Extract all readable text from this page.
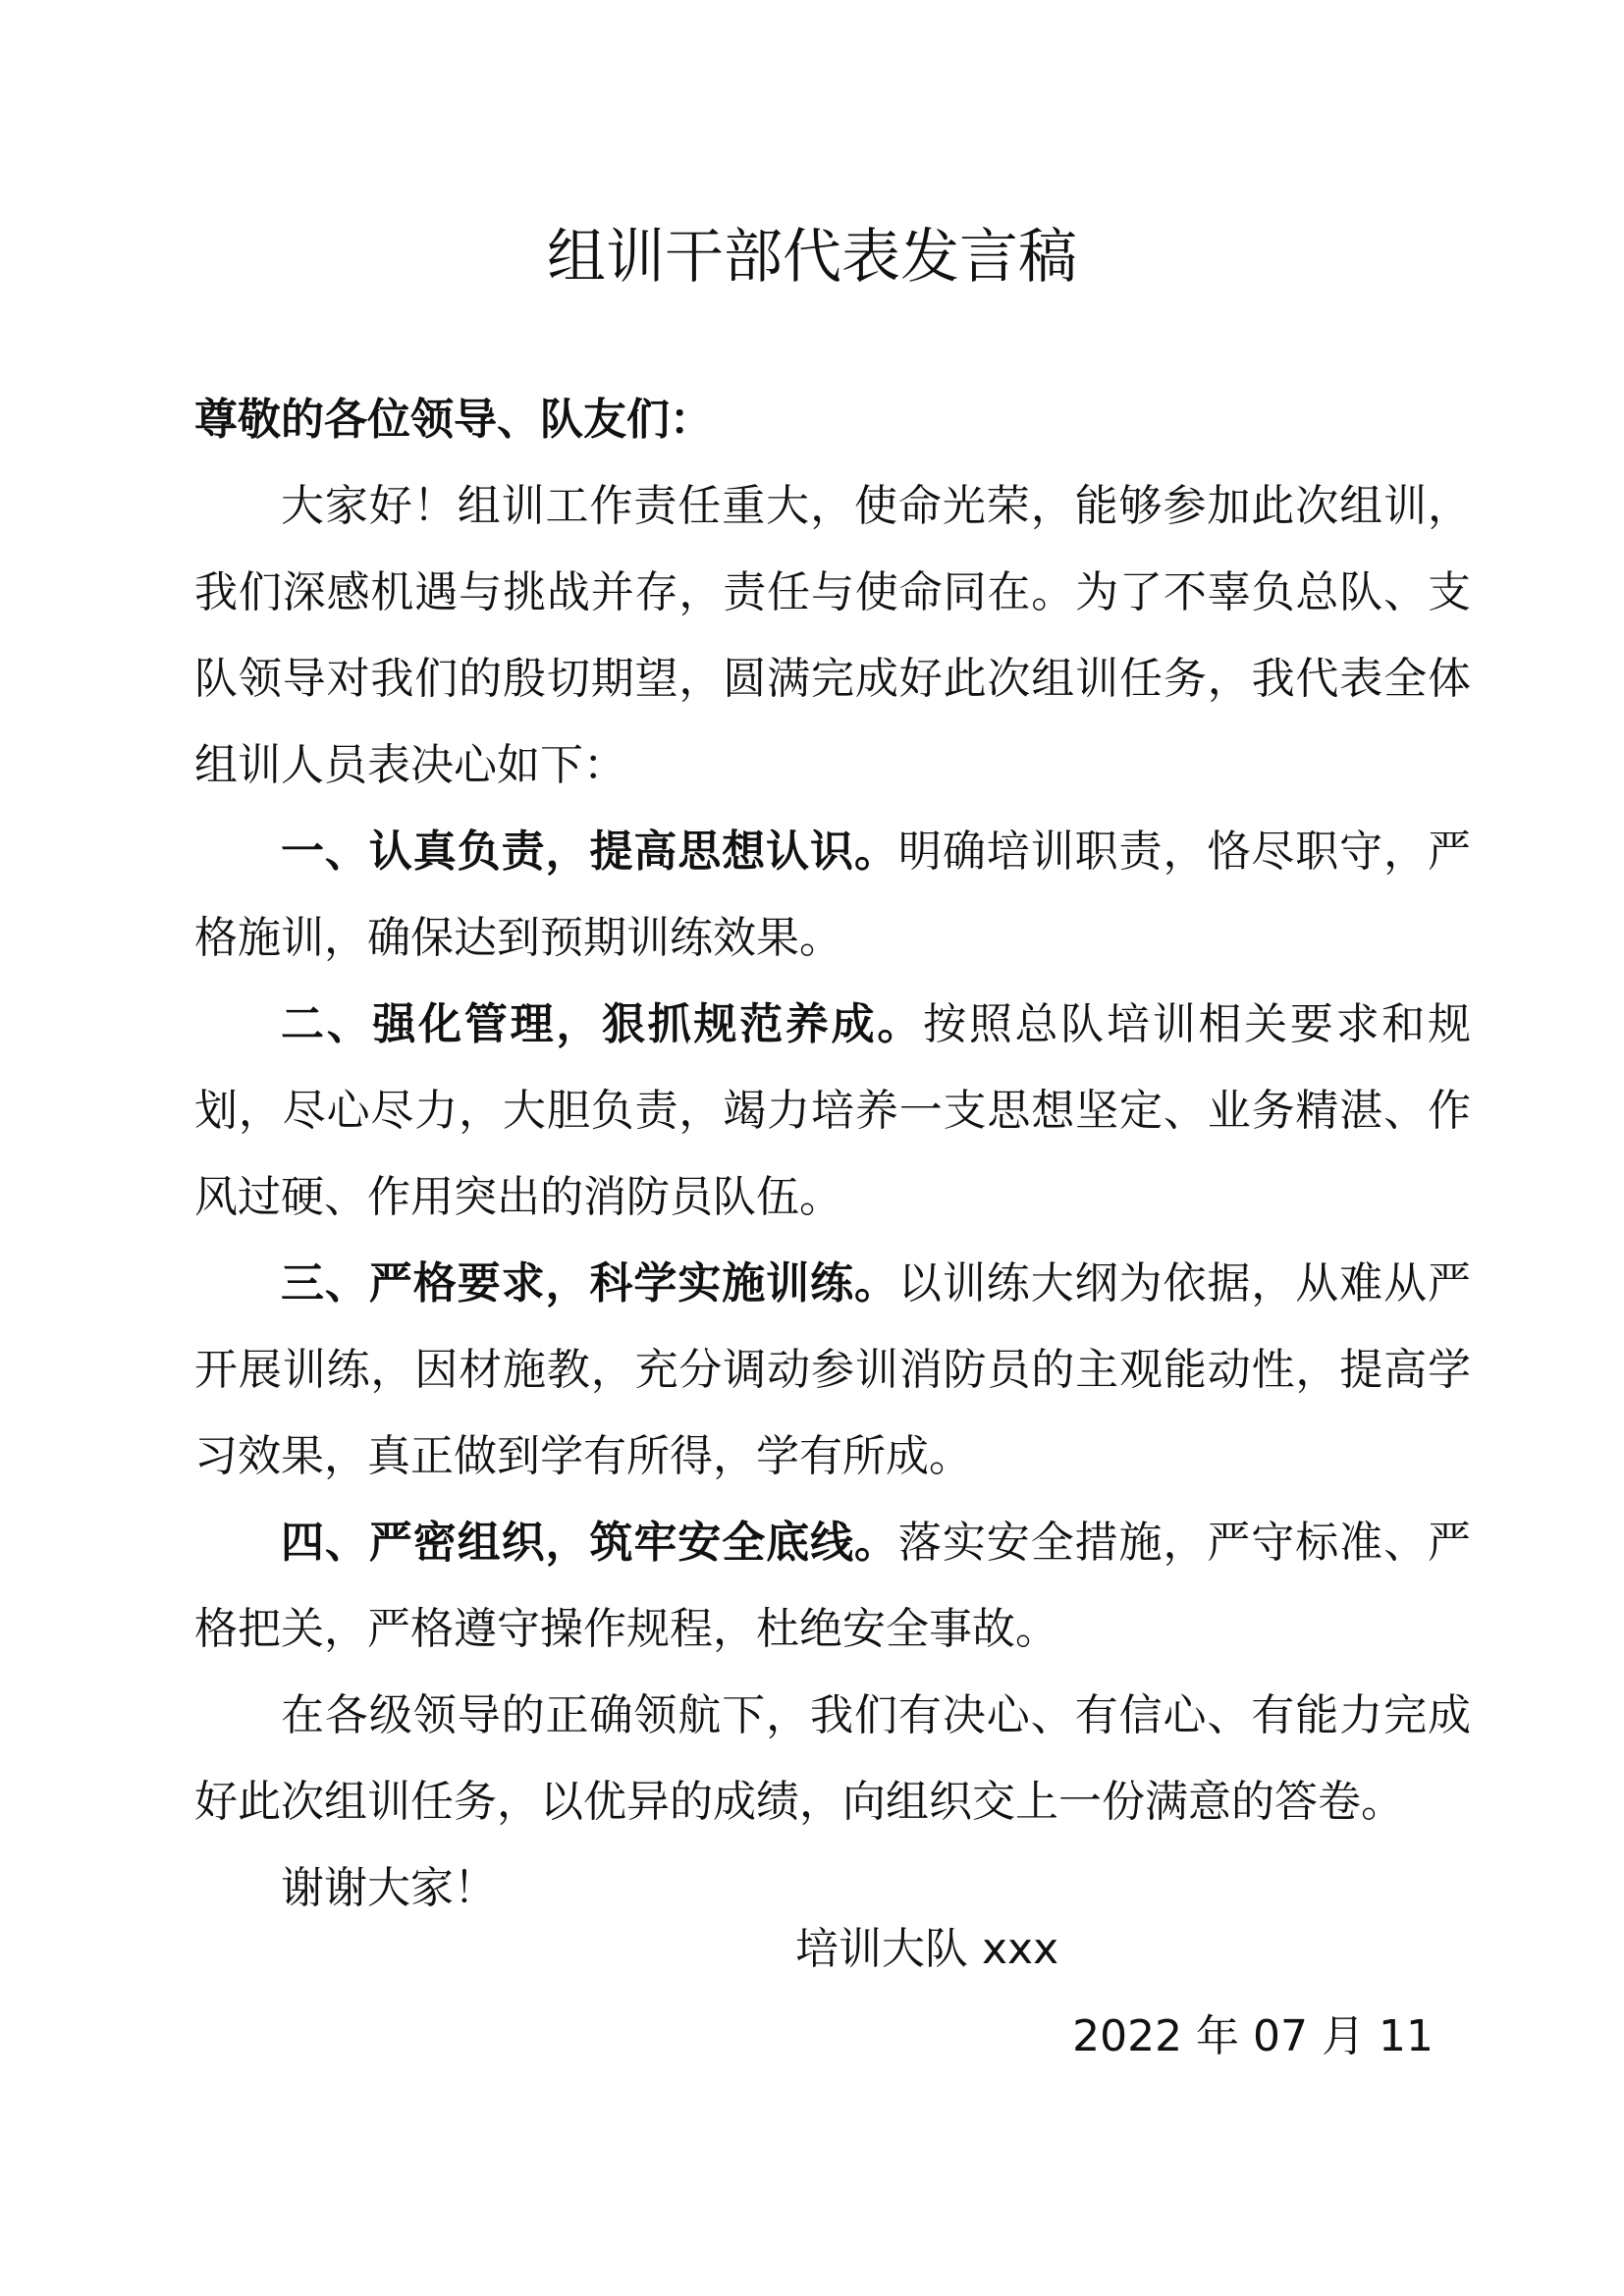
组训干部代表发言稿

尊敬的各位领导、队友们：

大家好！组训工作责任重大，使命光荣，能够参加此次组训，我们深感机遇与挑战并存，责任与使命同在。为了不辜负总队、支队领导对我们的殷切期望，圆满完成好此次组训任务，我代表全体组训人员表决心如下：

一、认真负责，提高思想认识。明确培训职责，恪尽职守，严格施训，确保达到预期训练效果。

二、强化管理，狠抓规范养成。按照总队培训相关要求和规划，尽心尽力，大胆负责，竭力培养一支思想坚定、业务精湛、作风过硬、作用突出的消防员队伍。

三、严格要求，科学实施训练。以训练大纲为依据，从难从严开展训练，因材施教，充分调动参训消防员的主观能动性，提高学习效果，真正做到学有所得，学有所成。

四、严密组织，筑牢安全底线。落实安全措施，严守标准、严格把关，严格遵守操作规程，杜绝安全事故。

在各级领导的正确领航下，我们有决心、有信心、有能力完成好此次组训任务，以优异的成绩，向组织交上一份满意的答卷。

谢谢大家！

培训大队 xxx
2022 年 07 月 11
